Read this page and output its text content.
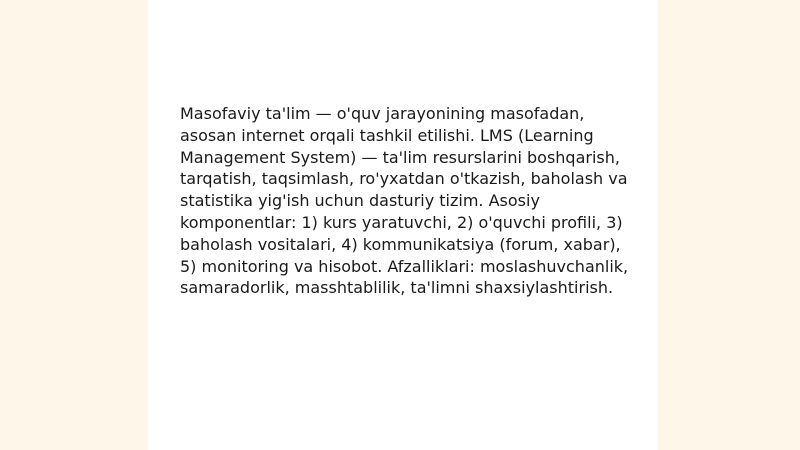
Masofaviy ta'lim — o'quv jarayonining masofadan, asosan internet orqali tashkil etilishi. LMS (Learning Management System) — ta'lim resurslarini boshqarish, tarqatish, taqsimlash, ro'yxatdan o'tkazish, baholash va statistika yig'ish uchun dasturiy tizim. Asosiy komponentlar: 1) kurs yaratuvchi, 2) o'quvchi profili, 3) baholash vositalari, 4) kommunikatsiya (forum, xabar), 5) monitoring va hisobot. Afzalliklari: moslashuvchanlik, samaradorlik, masshtablilik, ta'limni shaxsiylashtirish.
